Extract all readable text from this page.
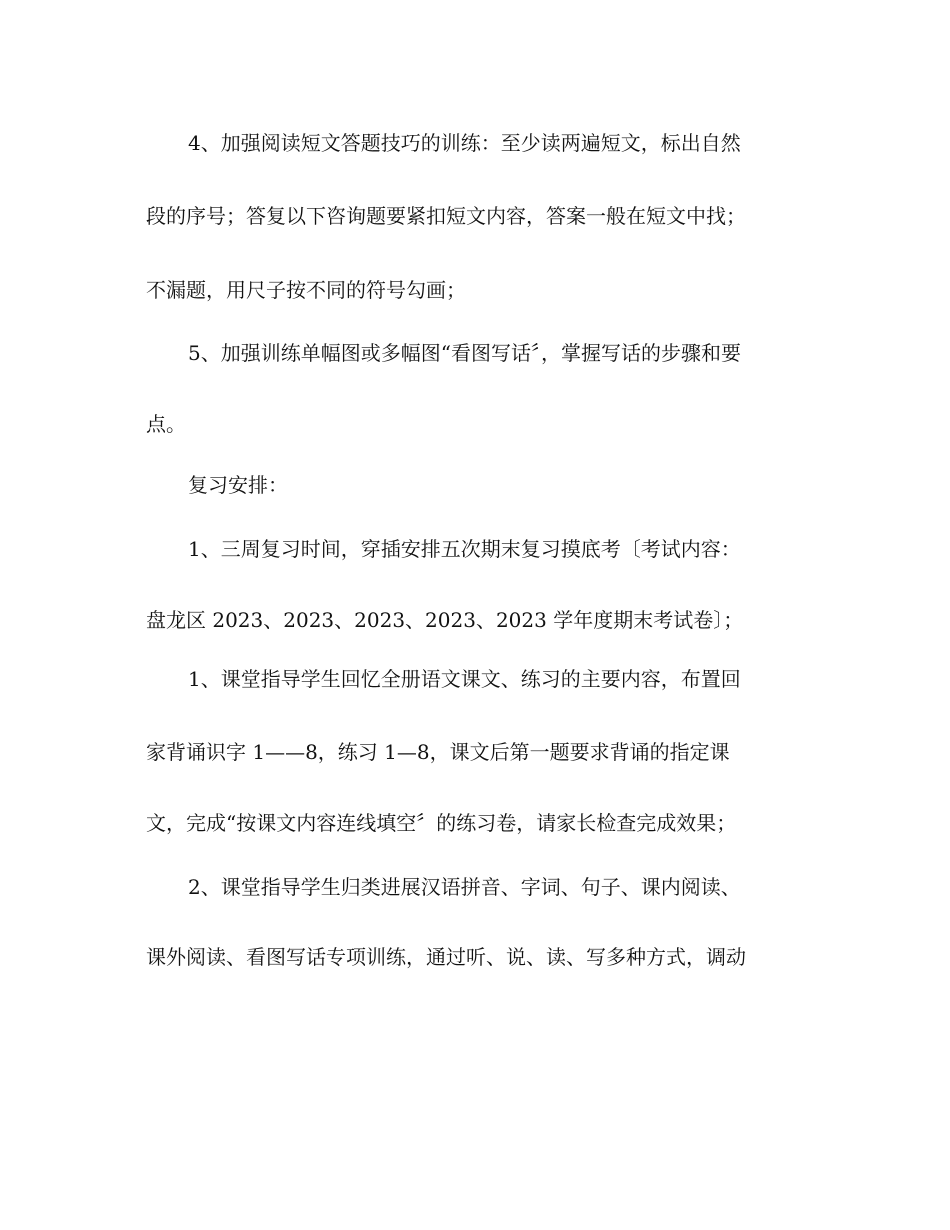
4、加强阅读短文答题技巧的训练：至少读两遍短文，标出自然
段的序号；答复以下咨询题要紧扣短文内容，答案一般在短文中找；
不漏题，用尺子按不同的符号勾画；
5、加强训练单幅图或多幅图“看图写话〞，掌握写话的步骤和要
点。
复习安排：
1、三周复习时间，穿插安排五次期末复习摸底考〔考试内容：
盘龙区 2023、2023、2023、2023、2023 学年度期末考试卷〕；
1、课堂指导学生回忆全册语文课文、练习的主要内容，布置回
家背诵识字 1——8，练习 1—8，课文后第一题要求背诵的指定课
文，完成“按课文内容连线填空〞的练习卷，请家长检查完成效果；
2、课堂指导学生归类进展汉语拼音、字词、句子、课内阅读、
课外阅读、看图写话专项训练，通过听、说、读、写多种方式，调动
